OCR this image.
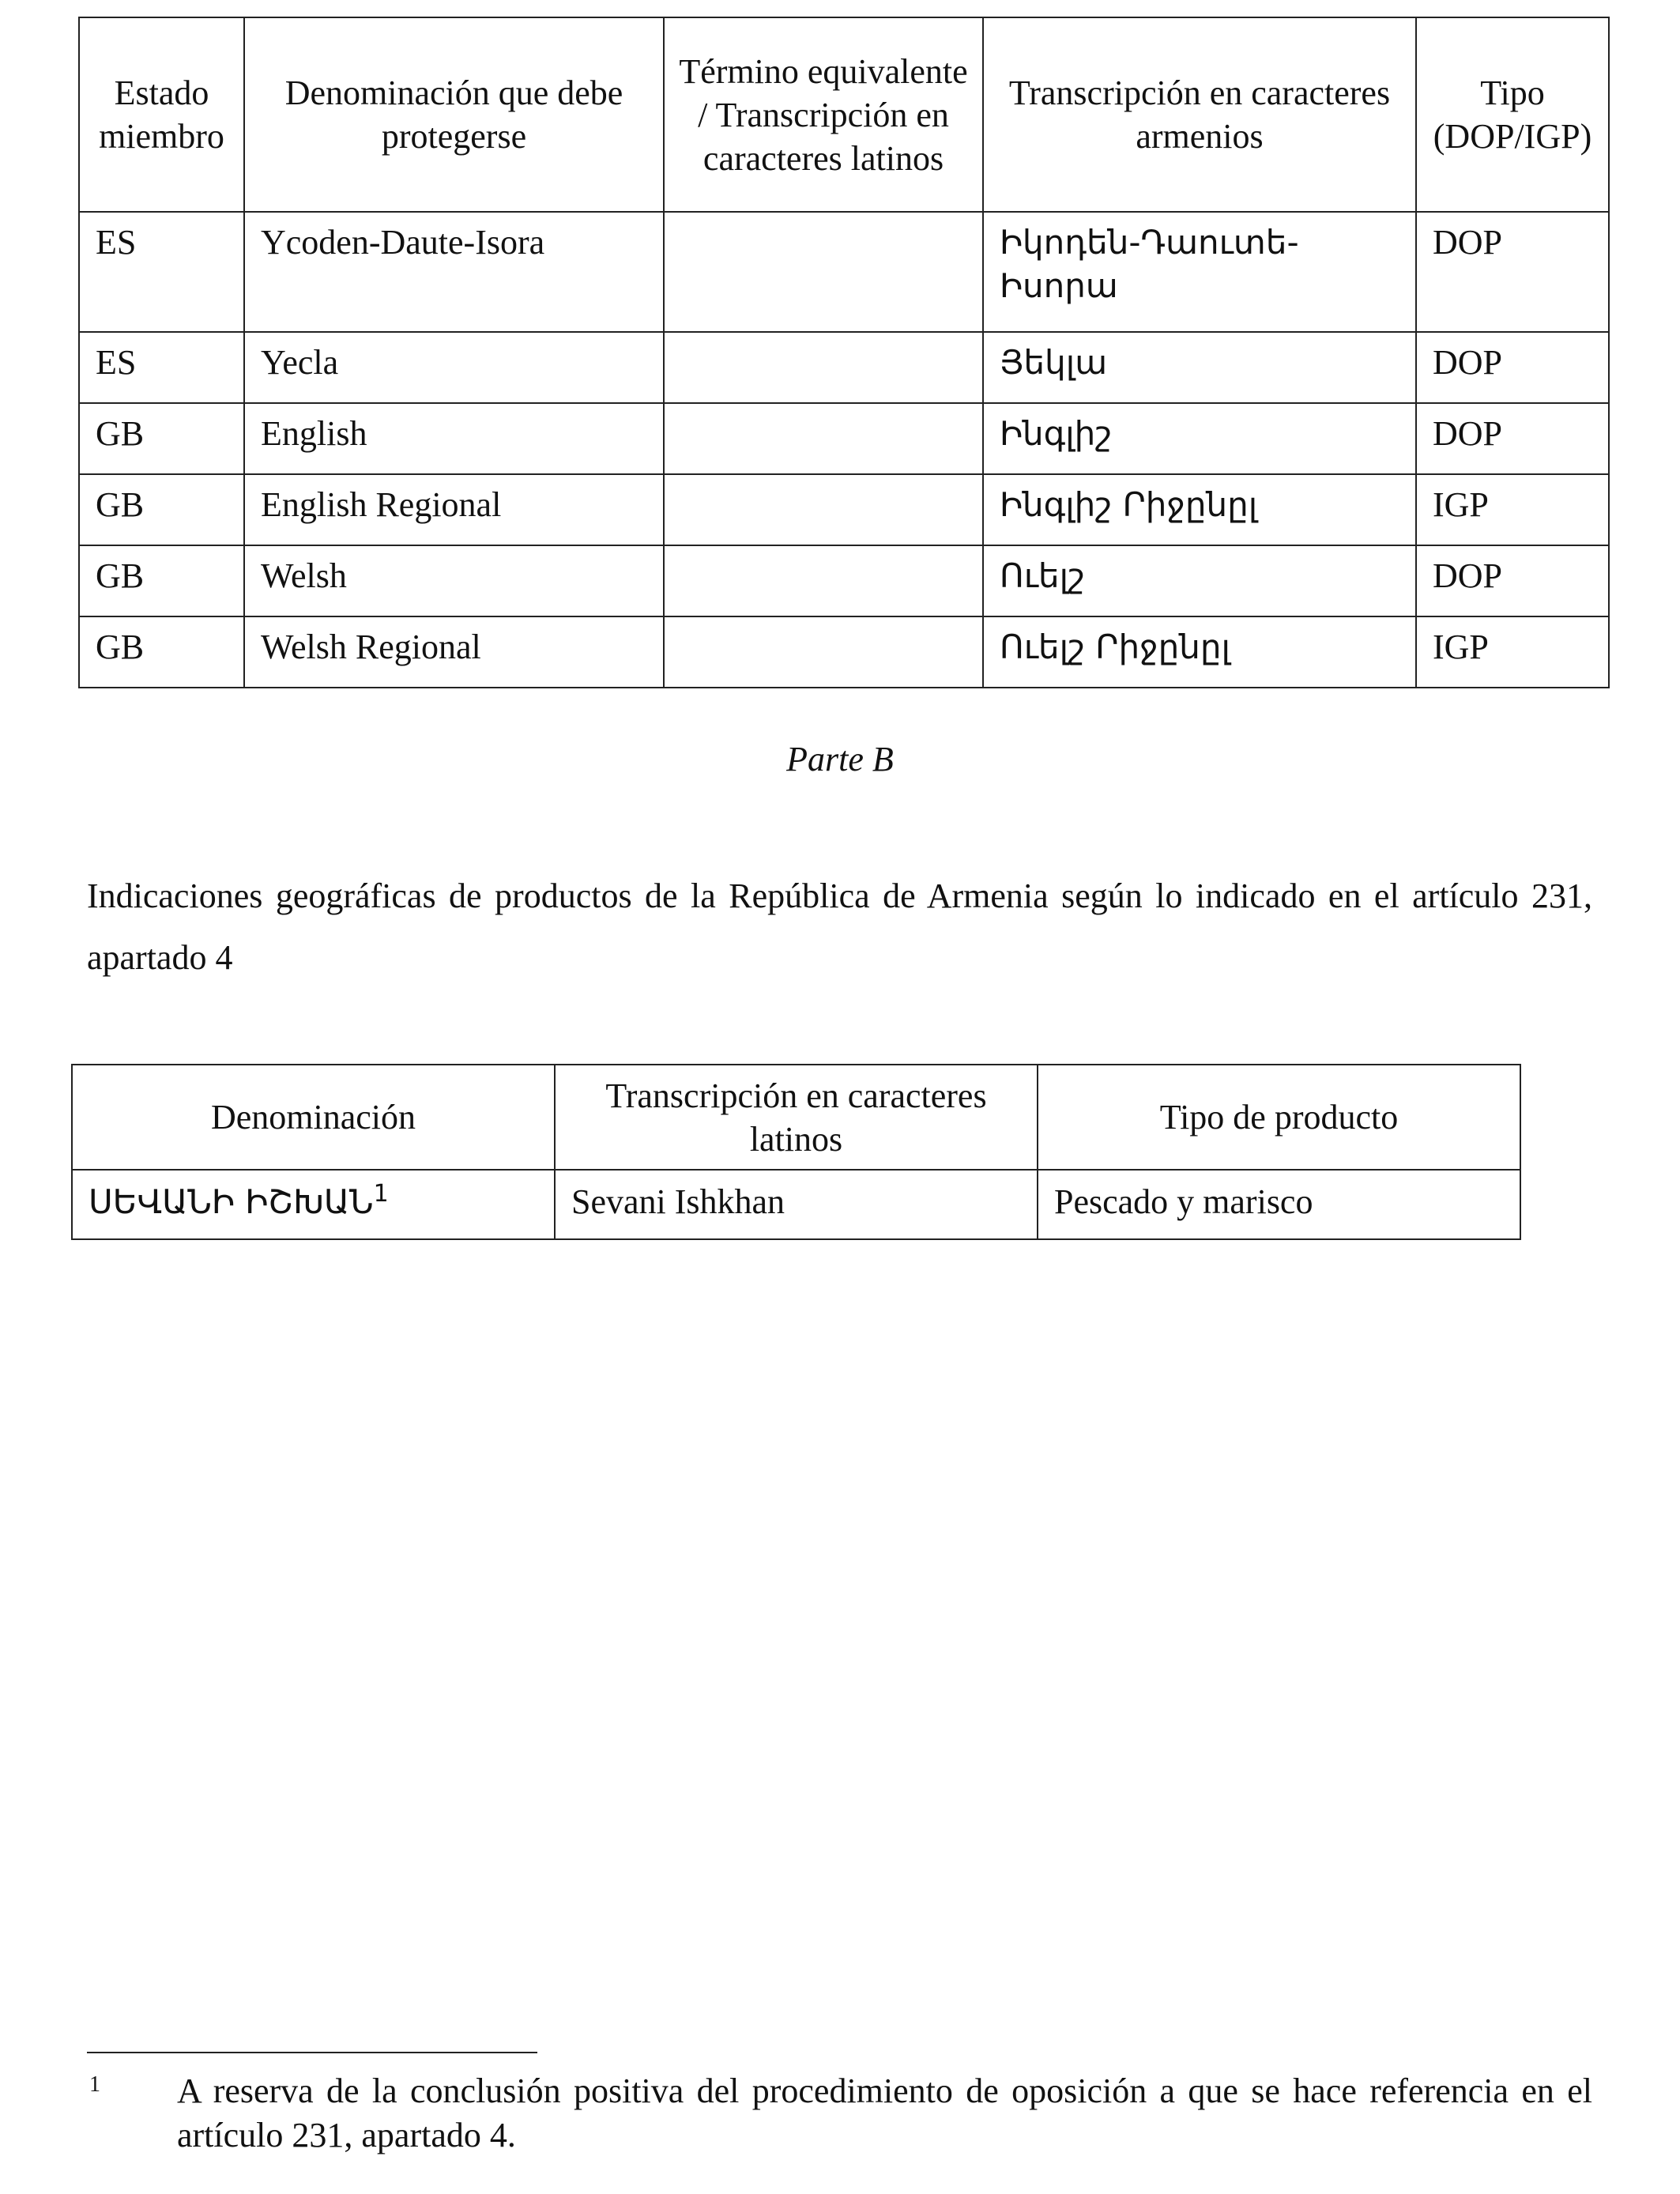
Estado miembro	Denominación que debe protegerse	Término equivalente / Transcripción en caracteres latinos	Transcripción en caracteres armenios	Tipo (DOP/IGP)
ES	Ycoden-Daute-Isora		Իկոդեն-Դաուտե-Իսորա	DOP
ES	Yecla		Յեկլա	DOP
GB	English		Ինգլիշ	DOP
GB	English Regional		Ինգլիշ Րիջընըլ	IGP
GB	Welsh		Ուելշ	DOP
GB	Welsh Regional		Ուելշ Րիջընըլ	IGP
Parte B
Indicaciones geográficas de productos de la República de Armenia según lo indicado en el artículo 231, apartado 4
Denominación	Transcripción en caracteres latinos	Tipo de producto
ՍԵՎԱՆԻ ԻՇԽԱՆ$^1$	Sevani Ishkhan	Pescado y marisco
1 A reserva de la conclusión positiva del procedimiento de oposición a que se hace referencia en el artículo 231, apartado 4.
